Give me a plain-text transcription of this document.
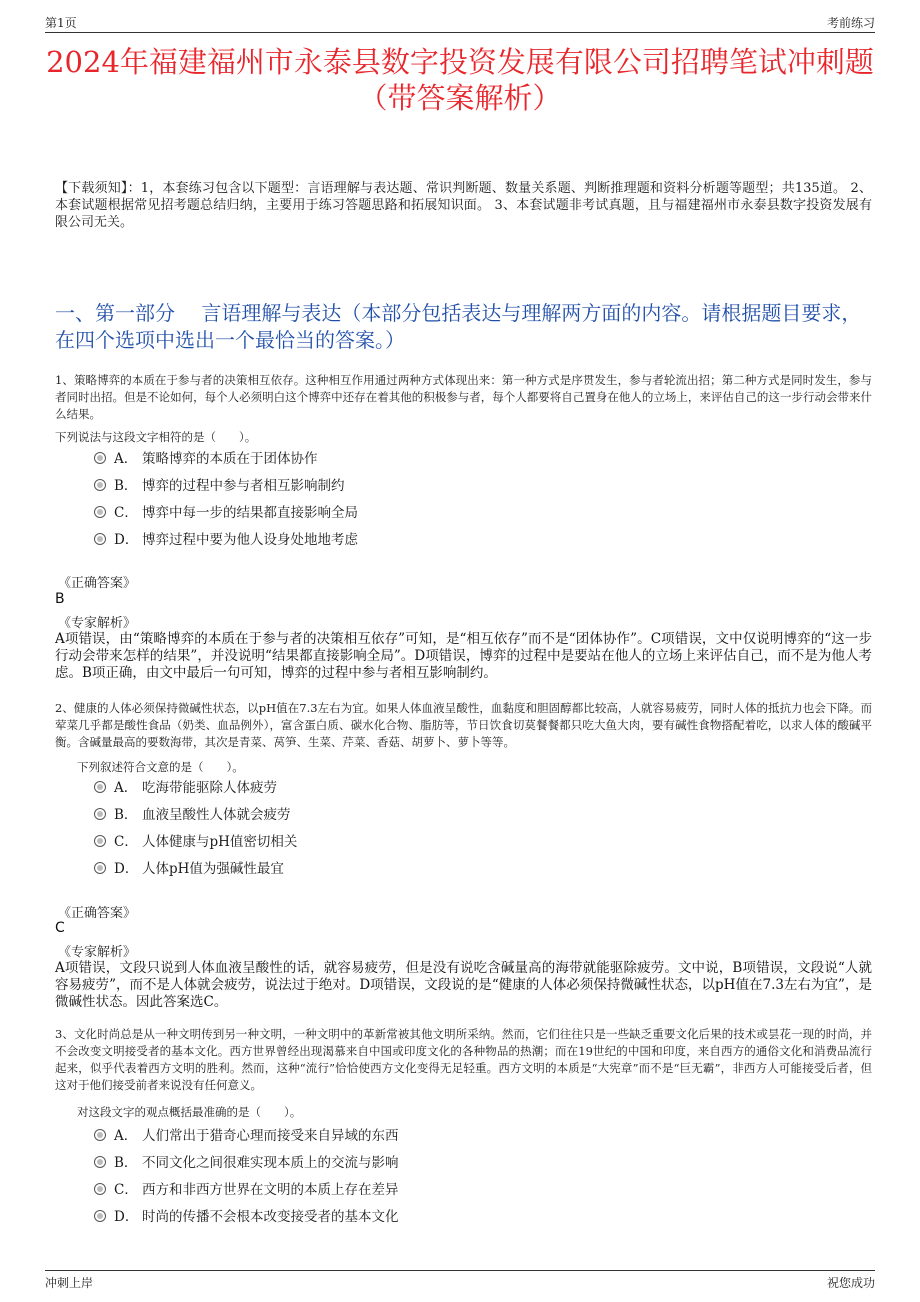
第1页	考前练习
2024年福建福州市永泰县数字投资发展有限公司招聘笔试冲刺题（带答案解析）
【下载须知】：1，本套练习包含以下题型：言语理解与表达题、常识判断题、数量关系题、判断推理题和资料分析题等题型；共135道。 2、本套试题根据常见招考题总结归纳，主要用于练习答题思路和拓展知识面。 3、本套试题非考试真题，且与福建福州市永泰县数字投资发展有限公司无关。
一、第一部分　 言语理解与表达（本部分包括表达与理解两方面的内容。请根据题目要求，在四个选项中选出一个最恰当的答案。）
1、策略博弈的本质在于参与者的决策相互依存。这种相互作用通过两种方式体现出来：第一种方式是序贯发生，参与者轮流出招；第二种方式是同时发生，参与者同时出招。但是不论如何，每个人必须明白这个博弈中还存在着其他的积极参与者，每个人都要将自己置身在他人的立场上，来评估自己的这一步行动会带来什么结果。
下列说法与这段文字相符的是（　　）。
A． 策略博弈的本质在于团体协作
B． 博弈的过程中参与者相互影响制约
C． 博弈中每一步的结果都直接影响全局
D． 博弈过程中要为他人设身处地地考虑
《正确答案》
B
《专家解析》
A项错误，由“策略博弈的本质在于参与者的决策相互依存”可知，是“相互依存”而不是“团体协作”。C项错误，文中仅说明博弈的“这一步行动会带来怎样的结果”，并没说明“结果都直接影响全局”。D项错误，博弈的过程中是要站在他人的立场上来评估自己，而不是为他人考虑。B项正确，由文中最后一句可知，博弈的过程中参与者相互影响制约。
2、健康的人体必须保持微碱性状态，以pH值在7.3左右为宜。如果人体血液呈酸性，血黏度和胆固醇都比较高，人就容易疲劳，同时人体的抵抗力也会下降。而荤菜几乎都是酸性食品（奶类、血品例外），富含蛋白质、碳水化合物、脂肪等，节日饮食切莫餐餐都只吃大鱼大肉，要有碱性食物搭配着吃，以求人体的酸碱平衡。含碱量最高的要数海带，其次是青菜、莴笋、生菜、芹菜、香菇、胡萝卜、萝卜等等。
下列叙述符合文意的是（　　）。
A． 吃海带能驱除人体疲劳
B． 血液呈酸性人体就会疲劳
C． 人体健康与pH值密切相关
D． 人体pH值为强碱性最宜
《正确答案》
C
《专家解析》
A项错误，文段只说到人体血液呈酸性的话，就容易疲劳，但是没有说吃含碱量高的海带就能驱除疲劳。文中说，B项错误，文段说“人就容易疲劳”，而不是人体就会疲劳，说法过于绝对。D项错误，文段说的是“健康的人体必须保持微碱性状态，以pH值在7.3左右为宜”，是微碱性状态。因此答案选C。
3、文化时尚总是从一种文明传到另一种文明，一种文明中的革新常被其他文明所采纳。然而，它们往往只是一些缺乏重要文化后果的技术或昙花一现的时尚，并不会改变文明接受者的基本文化。西方世界曾经出现渴慕来自中国或印度文化的各种物品的热潮；而在19世纪的中国和印度，来自西方的通俗文化和消费品流行起来，似乎代表着西方文明的胜利。然而，这种“流行”恰恰使西方文化变得无足轻重。西方文明的本质是“大宪章”而不是“巨无霸”，非西方人可能接受后者，但这对于他们接受前者来说没有任何意义。
对这段文字的观点概括最准确的是（　　）。
A． 人们常出于猎奇心理而接受来自异域的东西
B． 不同文化之间很难实现本质上的交流与影响
C． 西方和非西方世界在文明的本质上存在差异
D． 时尚的传播不会根本改变接受者的基本文化
冲刺上岸	祝您成功
